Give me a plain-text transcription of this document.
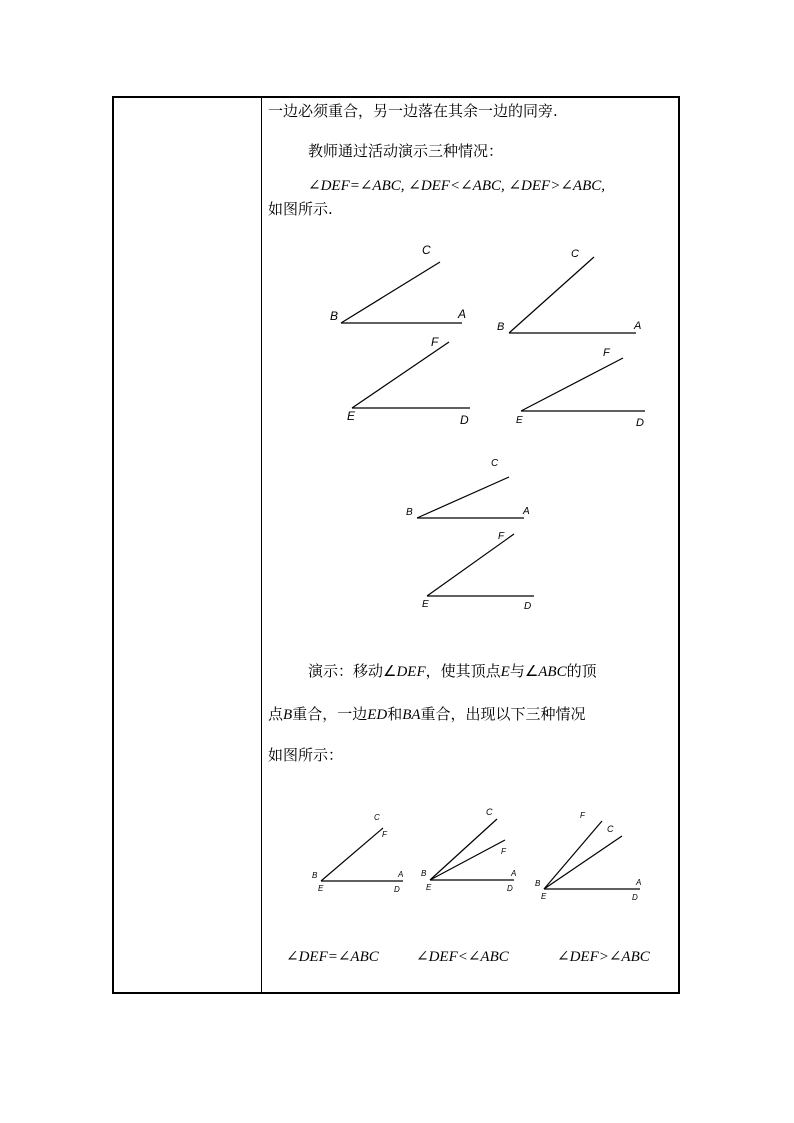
一边必须重合，另一边落在其余一边的同旁.
教师通过活动演示三种情况：
∠DEF=∠ABC, ∠DEF<∠ABC, ∠DEF>∠ABC,
如图所示.
B	A
C
E	D
F
B	A
C
E	D
F
B	A
C
E	D
F
演示：移动∠DEF，使其顶点E与∠ABC的顶
点B重合，一边ED和BA重合，出现以下三种情况
如图所示：
B
E
A
D
C
F
B
E
A
D
C
F
B
E
A
D
C
F
∠DEF=∠ABC ∠DEF<∠ABC	∠DEF>∠ABC
